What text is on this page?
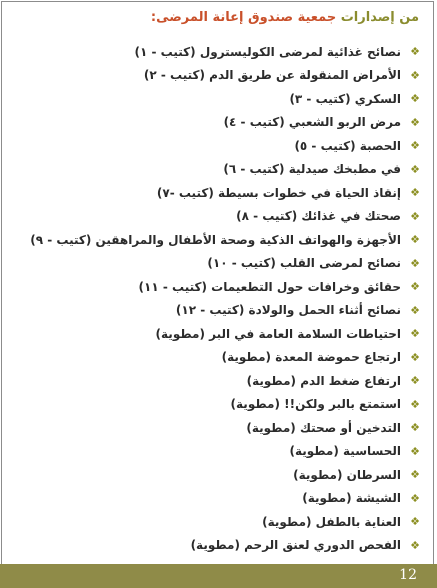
من إصدارات جمعية صندوق إعانة المرضى:
❖
نصائح غذائية لمرضى الكوليسترول (كتيب - ١)
❖
الأمراض المنقولة عن طريق الدم (كتيب - ٢)
❖
السكري (كتيب - ٣)
❖
مرض الربو الشعبي (كتيب - ٤)
❖
الحصبة (كتيب - ٥)
❖
في مطبخك صيدلية (كتيب - ٦)
❖
إنقاذ الحياة في خطوات بسيطة (كتيب -٧)
❖
صحتك في غذائك (كتيب - ٨)
❖
الأجهزة والهواتف الذكية وصحة الأطفال والمراهقين (كتيب - ٩)
❖
نصائح لمرضى القلب (كتيب - ١٠)
❖
حقائق وخرافات حول التطعيمات (كتيب - ١١)
❖
نصائح أثناء الحمل والولادة (كتيب - ١٢)
❖
احتياطات السلامة العامة في البر (مطوية)
❖
ارتجاع حموضة المعدة (مطوية)
❖
ارتفاع ضغط الدم (مطوية)
❖
استمتع بالبر ولكن!! (مطوية)
❖
التدخين أو صحتك (مطوية)
❖
الحساسية (مطوية)
❖
السرطان (مطوية)
❖
الشيشة (مطوية)
❖
العناية بالطفل (مطوية)
❖
الفحص الدوري لعنق الرحم (مطوية)
12
